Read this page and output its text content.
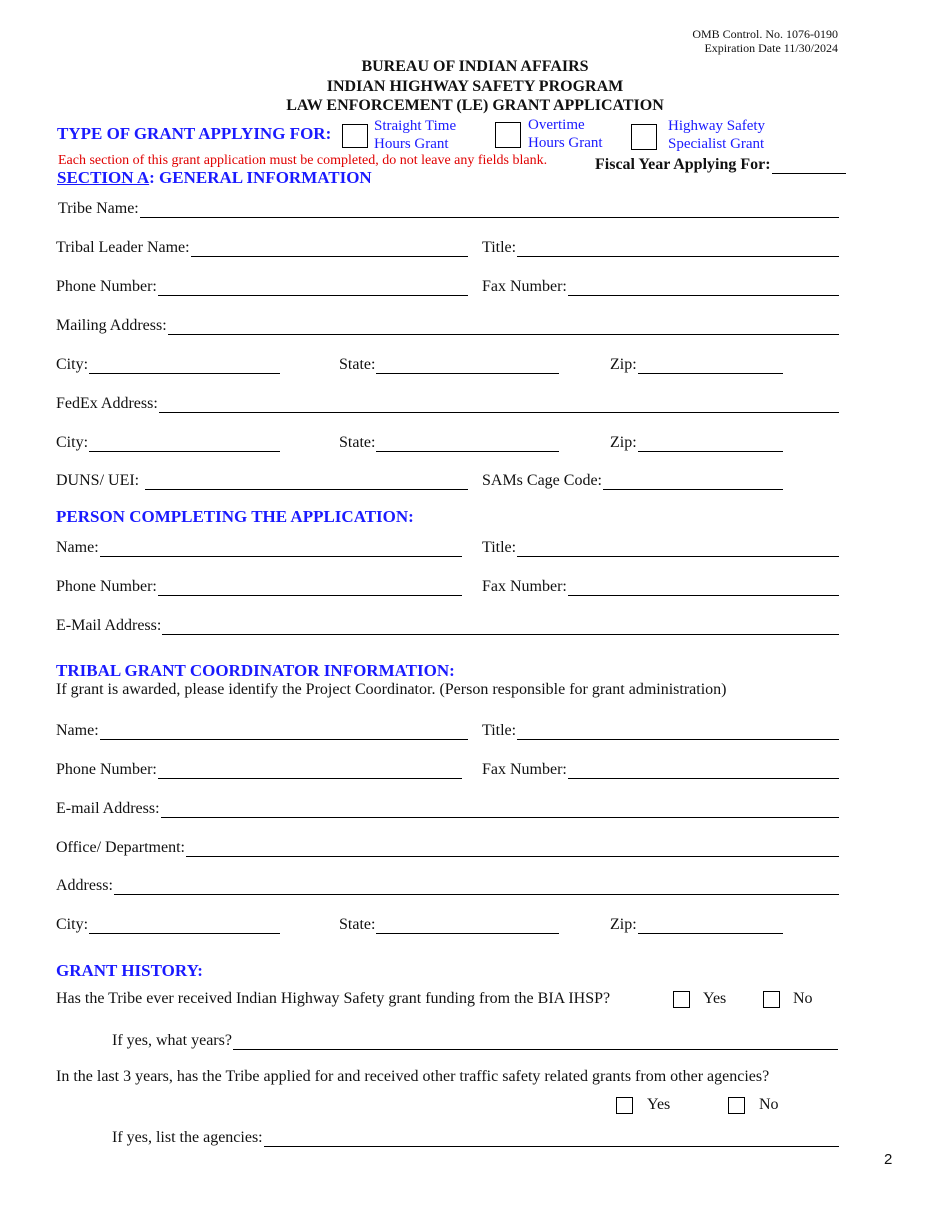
OMB Control. No. 1076-0190
Expiration Date 11/30/2024
BUREAU OF INDIAN AFFAIRS
INDIAN HIGHWAY SAFETY PROGRAM
LAW ENFORCEMENT (LE) GRANT APPLICATION
TYPE OF GRANT APPLYING FOR:	Straight Time
Hours Grant
Overtime
Hours Grant
Highway Safety
Specialist Grant
Each section of this grant application must be completed, do not leave any fields blank.	Fiscal Year Applying For:
SECTION A: GENERAL INFORMATION
Tribe Name:
Tribal Leader Name:	Title:
Phone Number:	Fax Number:
Mailing Address:
City:	State:	Zip:
FedEx Address:
City:	State:	Zip:
DUNS/ UEI:	SAMs Cage Code:
PERSON COMPLETING THE APPLICATION:
Name:	Title:
Phone Number:	Fax Number:
E-Mail Address:
TRIBAL GRANT COORDINATOR INFORMATION:
If grant is awarded, please identify the Project Coordinator. (Person responsible for grant administration)
Name:	Title:
Phone Number:	Fax Number:
E-mail Address:
Office/ Department:
Address:
City:	State:	Zip:
GRANT HISTORY:
Has the Tribe ever received Indian Highway Safety grant funding from the BIA IHSP?	Yes	No
If yes, what years?
In the last 3 years, has the Tribe applied for and received other traffic safety related grants from other agencies?
Yes	No
If yes, list the agencies:
2
